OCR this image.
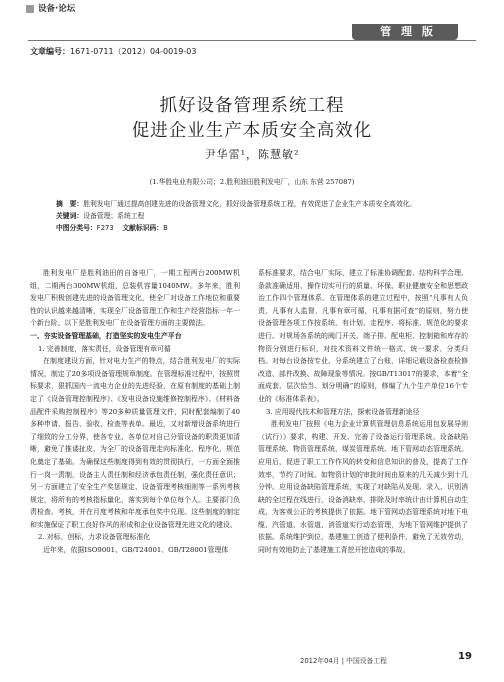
设备·论坛
管 理 版
文章编号：1671-0711（2012）04-0019-03
抓好设备管理系统工程
促进企业生产本质安全高效化
尹华雷¹，陈慧敏²
(1.华胜电业有限公司；2.胜利油田胜利发电厂，山东 东营 257087)
摘　要：胜利发电厂通过提高创建先进的设备管理文化，抓好设备管理系统工程，有效促进了企业生产本质安全高效化。
关键词：设备管理；系统工程
中图分类号：F273 文献标识码：B

胜利发电厂是胜利油田的自备电厂，一期工程两台200MW机组，二期两台300MW机组，总装机容量1040MW。多年来，胜利发电厂积极创建先进的设备管理文化，使全厂对设备工作地位和重要性的认识越来越清晰，实现全厂设备管理工作和生产经营指标一年一个新台阶。以下是胜利发电厂在设备管理方面的主要做法。

一、夯实设备管理基础，打造坚实的发电生产平台

1. 完善制度，落实责任，设备管理有章可循

在制度建设方面，针对电力生产的特点，结合胜利发电厂的实际情况，制定了20多项设备管理规章制度。在管理标准过程中，按照贯标要求，狠抓国内一流电力企业的先进经验，在原有制度的基础上制定了《设备管理控制程序》、《发电设备设施维修控制程序》、《材料备品配件采购控制程序》等20多种质量管理文件，同时配套编制了40多种申请、报告、验收、检查等表单。最近，又对新增设备系统进行了细致的分工分界，使各专业、各单位对自己分管设备的职责更加清晰，避免了推诿扯皮，为全厂的设备管理走向标准化、程序化、规范化奠定了基础。为确保这些制度得到有效的贯彻执行，一方面全面推行一岗一责制，设备主人责任制和经济承包责任制，强化责任意识；另一方面建立了安全生产奖惩规定、设备管理考核细则等一系列考核规定，将所有的考核指标量化，落实到每个单位每个人。主要部门负责检查、考核，并在月度考核和年度承包奖中兑现。这些制度的制定和实施保证了职工良好作风的形成和企业设备管理先进文化的建设。

2. 对标、创标，力求设备管理标准化

近年来，依据ISO9001、GB/T24001、GB/T28001管理体

系标准要求，结合电厂实际，建立了标准协调配套、结构科学合理、条款准确适用、操作切实可行的质量、环保、职业健康安全和思想政治工作四个管理体系。在管理体系的建立过程中，按照“凡事有人负责，凡事有人监督，凡事有章可循，凡事有据可查”的原则，努力使设备管理各项工作按系统、有计划、走程序、将标准、规范化的要求进行。对规场各系统的阀门开关、端子排、配电柜、控制箱和库存的物资分别进行标识，对技术资料文件统一格式、统一要求、分类归档。对每台设备按专业、分系统建立了台账，详细记载设备检查检修改造、部件改换、故障现象等情况。按GB/T13017的要求，本着“全面成套、层次恰当、划分明确”的原则，修编了九个生产单位16个专业的《标准体系表》。

3. 应用现代技术和管理方法，探索设备管理新途径

胜利发电厂按照《电力企业计算机管理信息系统运用包发展导则（试行）》要求，构建、开发、完善了设备运行管理系统、设备缺陷管理系统、物资管理系统、煤炭管理系统、地下管网动态管理系统。应用后，促进了职工工作作风的转变和信息知识的普及，提高了工作效率，节约了时间。如物资计划的审批时间由原来的几天减少到十几分钟。应用设备缺陷管理系统，实现了对缺陷从发现、录入、识别消缺的全过程在线进行，设备消缺率、排除及时率统计由计算机自动生成，为客观公正的考核提供了依据。地下管网动态管理系统对地下电缆、汽管道、水管道、消管道实行动态管理，为地下管网维护提供了依据。系统维护到位、基建施工创造了便利条件，避免了无效劳动，同时有效地防止了基建施工背挖开挖造成的事故。

2012年04月 | 中国设备工程	19
